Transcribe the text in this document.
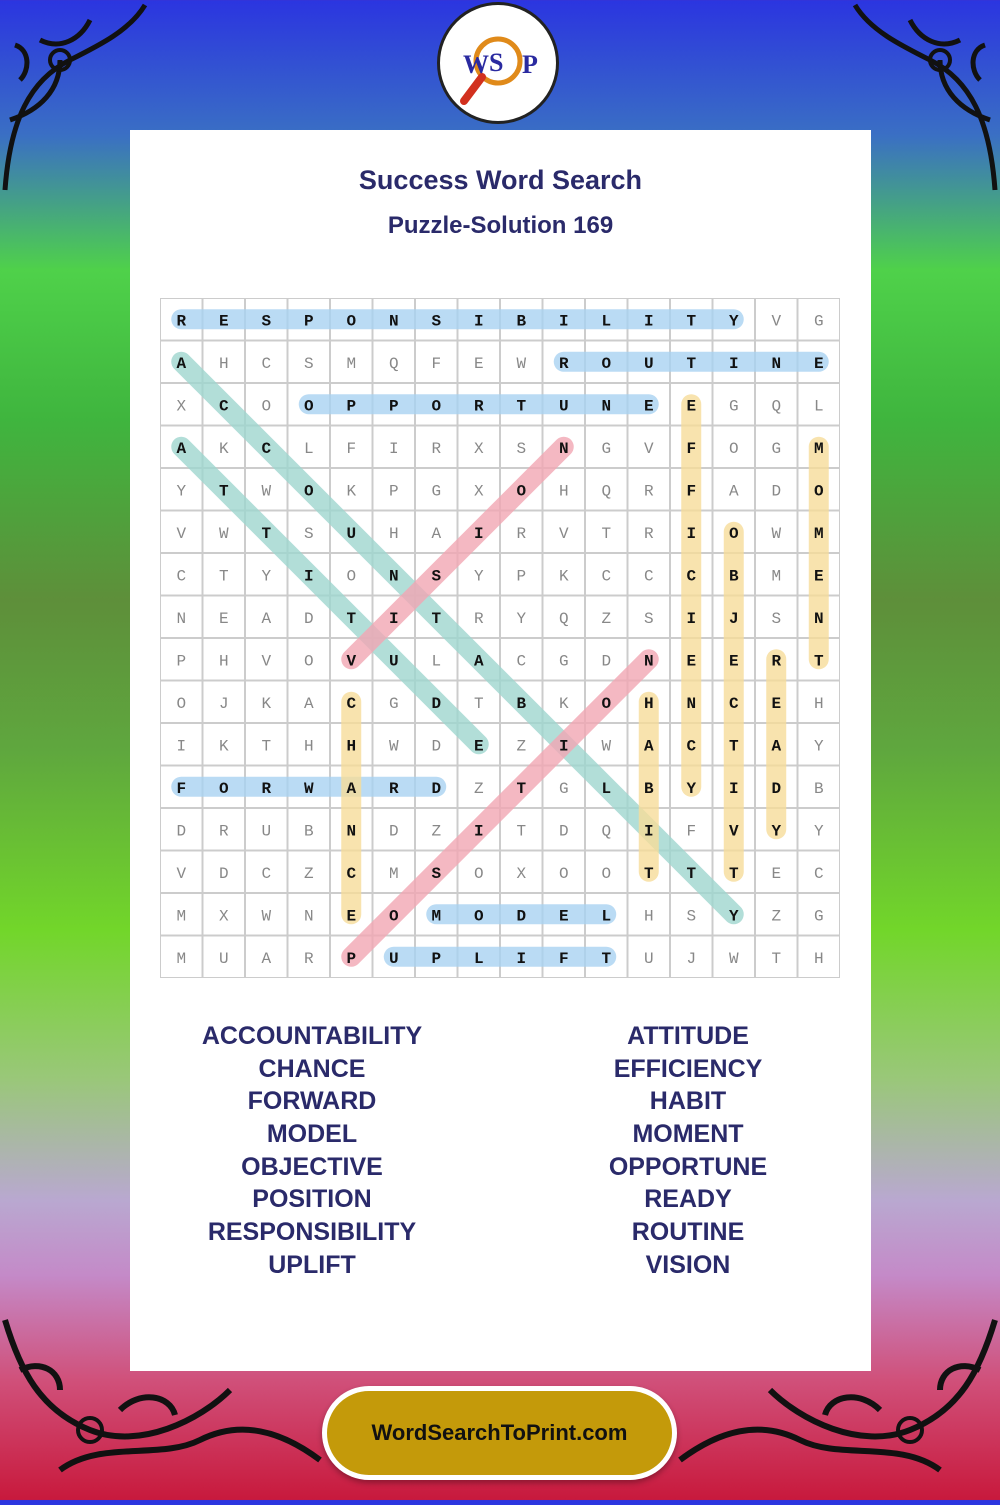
W S P
Success Word Search
Puzzle-Solution 169
R E S P O N S I B I L I T Y V G
A H C S M Q F E W R O U T I N E
X C O O P P O R T U N E E G Q L
A K C L F I R X S N G V F O G M
Y T W O K P G X O H Q R F A D O
V W T S U H A I R V T R I O W M
C T Y I O N S Y P K C C C B M E
N E A D T I T R Y Q Z S I J S N
P H V O V U L A C G D N E E R T
O J K A C G D T B K O H N C E H
I K T H H W D E Z I W A C T A Y
F O R W A R D Z T G L B Y I D B
D R U B N D Z I T D Q I F V Y Y
V D C Z C M S O X O O T T T E C
M X W N E O M O D E L H S Y Z G
M U A R P U P L I F T U J W T H
ACCOUNTABILITY
CHANCE
FORWARD
MODEL
OBJECTIVE
POSITION
RESPONSIBILITY
UPLIFT
ATTITUDE
EFFICIENCY
HABIT
MOMENT
OPPORTUNE
READY
ROUTINE
VISION
WordSearchToPrint.com
